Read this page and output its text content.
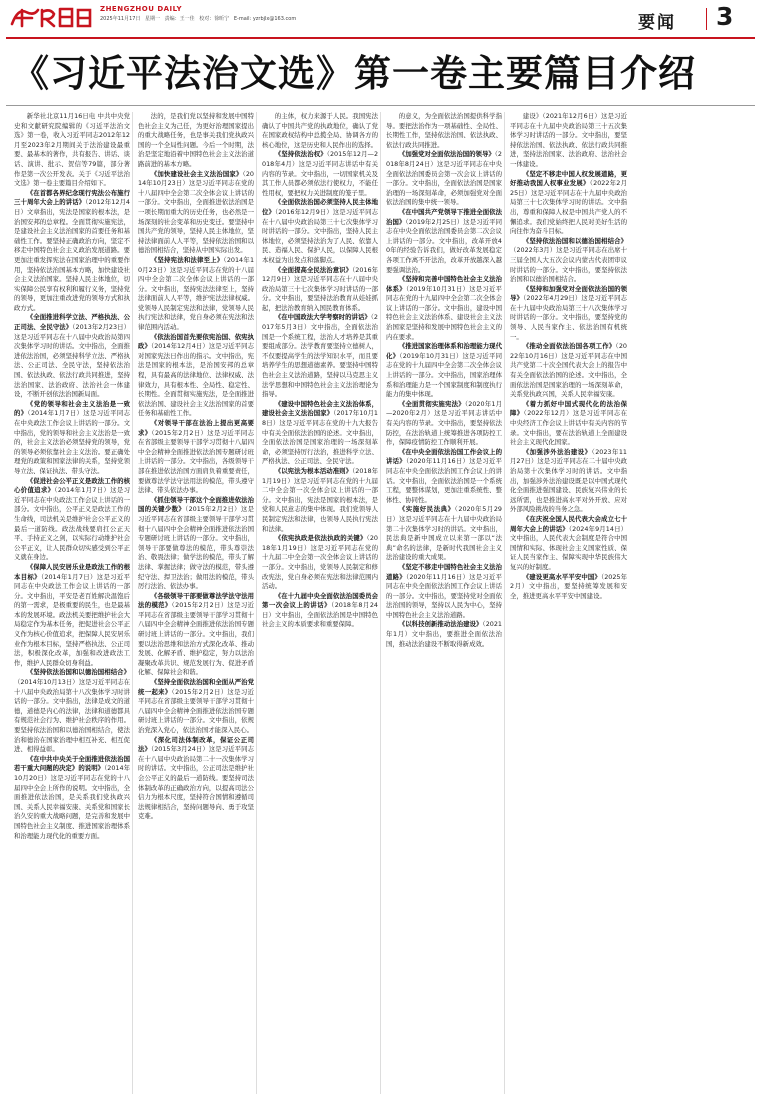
ZHENGZHOU DAILY
2025年11月17日 星期一 责编：王一佳 校对：徐昕宁 E-mail: yzrbjlx@163.com	要闻 3
《习近平法治文选》第一卷主要篇目介绍

新华社北京11月16日电 中共中央党史和文献研究院编辑的《习近平法治文选》第一卷，收入习近平同志2012年12月至2023年2月期间关于法治建设最重要、最基本的著作，共有报告、讲话、谈话、演讲、批示、贺信等79篇，部分著作是第一次公开发表。关于《习近平法治文选》第一卷主要篇目介绍如下。

《在首都各界纪念现行宪法公布施行三十周年大会上的讲话》（2012年12月4日）文章指出，宪法是国家的根本法，是治国安邦的总章程。全面贯彻实施宪法，是建设社会主义法治国家的首要任务和基础性工作。要坚持正确政治方向，坚定不移走中国特色社会主义政治发展道路。要更加注重发挥宪法在国家治理中的重要作用，坚持依法治国基本方略，加快建设社会主义法治国家。坚持人民主体地位，切实保障公民享有权利和履行义务，坚持党的领导，更加注重改进党的领导方式和执政方式。

《全面推进科学立法、严格执法、公正司法、全民守法》（2013年2月23日）这是习近平同志在十八届中央政治局第四次集体学习时的讲话。文中指出，全面推进依法治国，必须坚持科学立法、严格执法、公正司法、全民守法，坚持依法治国、依法执政、依法行政共同推进，坚持法治国家、法治政府、法治社会一体建设，不断开创依法治国新局面。

《党的领导和社会主义法治是一致的》（2014年1月7日）这是习近平同志在中央政法工作会议上讲话的一部分。文中指出，党的领导和社会主义法治是一致的，社会主义法治必须坚持党的领导，党的领导必须依靠社会主义法治。要正确处理党的政策和国家法律的关系，坚持党领导立法、保证执法、带头守法。

《促进社会公平正义是政法工作的核心价值追求》（2014年1月7日）这是习近平同志在中央政法工作会议上讲话的一部分。文中指出，公平正义是政法工作的生命线，司法机关是维护社会公平正义的最后一道防线。政法战线要肩扛公正天平、手持正义之剑，以实际行动维护社会公平正义，让人民群众切实感受到公平正义就在身边。

《保障人民安居乐业是政法工作的根本目标》（2014年1月7日）这是习近平同志在中央政法工作会议上讲话的一部分。文中指出，平安是老百姓解决温饱后的第一需求，是极重要的民生，也是最基本的发展环境。政法机关要把维护社会大局稳定作为基本任务，把促进社会公平正义作为核心价值追求，把保障人民安居乐业作为根本目标，坚持严格执法、公正司法，积极深化改革，加强和改进政法工作，维护人民群众切身利益。

《坚持依法治国和以德治国相结合》（2014年10月13日）这是习近平同志在十八届中央政治局第十八次集体学习时讲话的一部分。文中指出，法律是成文的道德，道德是内心的法律，法律和道德都具有规范社会行为、维护社会秩序的作用。要坚持依法治国和以德治国相结合，使法治和德治在国家治理中相互补充、相互促进、相得益彰。

《在中共中央关于全面推进依法治国若干重大问题的决定》的说明》（2014年10月20日）这是习近平同志在党的十八届四中全会上所作的说明。文中指出，全面推进依法治国，是关系我们党执政兴国、关系人民幸福安康、关系党和国家长治久安的重大战略问题，是完善和发展中国特色社会主义制度、推进国家治理体系和治理能力现代化的重要方面。

法的，是我们党以坚持和发展中国特色社会主义为己任，为更好治理国家提出的重大战略任务，也是事关我们党执政兴国的一个全局性问题。今后一个时期，法治是坚定地沿着中国特色社会主义法治道路前进的基本方略。

《加快建设社会主义法治国家》（2014年10月23日）这是习近平同志在党的十八届四中全会第二次全体会议上讲话的一部分。文中指出，全面推进依法治国是一项长期而重大的历史任务，也必然是一场深刻的社会变革和历史变迁。要坚持中国共产党的领导，坚持人民主体地位，坚持法律面前人人平等，坚持依法治国和以德治国相结合，坚持从中国实际出发。

《坚持宪法和法律至上》（2014年10月23日）这是习近平同志在党的十八届四中全会第二次全体会议上讲话的一部分。文中指出，坚持宪法法律至上，坚持法律面前人人平等，维护宪法法律权威。党领导人民制定宪法和法律，党领导人民执行宪法和法律，党自身必须在宪法和法律范围内活动。

《依法治国首先要依宪治国、依宪执政》（2014年12月4日）这是习近平同志对国家宪法日作出的指示。文中指出，宪法是国家的根本法，是治国安邦的总章程，具有最高的法律地位、法律权威、法律效力，具有根本性、全局性、稳定性、长期性。全面贯彻实施宪法，是全面推进依法治国、建设社会主义法治国家的首要任务和基础性工作。

《对领导干部在法治上提出更高要求》（2015年2月2日）这是习近平同志在省部级主要领导干部学习贯彻十八届四中全会精神全面推进依法治国专题研讨班上讲话的一部分。文中指出，各级领导干部在推进依法治国方面肩负着重要责任，要做尊法学法守法用法的模范，带头遵守法律、带头依法办事。

《抓住领导干部这个全面推进依法治国的关键少数》（2015年2月2日）这是习近平同志在省部级主要领导干部学习贯彻十八届四中全会精神全面推进依法治国专题研讨班上讲话的一部分。文中指出，领导干部要做尊法的模范，带头尊崇法治、敬畏法律；做学法的模范，带头了解法律、掌握法律；做守法的模范，带头遵纪守法、捍卫法治；做用法的模范，带头厉行法治、依法办事。

《各级领导干部要做尊法学法守法用法的模范》（2015年2月2日）这是习近平同志在省部级主要领导干部学习贯彻十八届四中全会精神全面推进依法治国专题研讨班上讲话的一部分。文中指出，我们要以法治思维和法治方式深化改革、推动发展、化解矛盾、维护稳定，努力以法治凝聚改革共识、规范发展行为、促进矛盾化解、保障社会和谐。

《坚持全面依法治国和全面从严治党统一起来》（2015年2月2日）这是习近平同志在省部级主要领导干部学习贯彻十八届四中全会精神全面推进依法治国专题研讨班上讲话的一部分。文中指出，依规治党深入党心，依法治国才能深入民心。

《深化司法体制改革，保证公正司法》（2015年3月24日）这是习近平同志在十八届中央政治局第二十一次集体学习时的讲话。文中指出，公正司法是维护社会公平正义的最后一道防线。要坚持司法体制改革的正确政治方向，以提高司法公信力为根本尺度，坚持符合国情和遵循司法规律相结合，坚持问题导向、勇于攻坚克难。

的主体，权力来源于人民。我国宪法确认了中国共产党的执政地位，确认了党在国家政权结构中总揽全局、协调各方的核心地位，这是历史和人民作出的选择。

《坚持依法治权》（2015年12月—2018年4月）这是习近平同志讲话中有关内容的节录。文中指出，一切国家机关及其工作人员都必须依法行使权力，不能任性用权，要把权力关进制度的笼子里。

《全面依法治国必须坚持人民主体地位》（2016年12月9日）这是习近平同志在十八届中央政治局第三十七次集体学习时讲话的一部分。文中指出，坚持人民主体地位，必须坚持法治为了人民、依靠人民、造福人民、保护人民，以保障人民根本权益为出发点和落脚点。

《全面提高全民法治意识》（2016年12月9日）这是习近平同志在十八届中央政治局第三十七次集体学习时讲话的一部分。文中指出，要坚持法治教育从娃娃抓起，把法治教育纳入国民教育体系。

《在中国政法大学考察时的讲话》（2017年5月3日）文中指出，全面依法治国是一个系统工程，法治人才培养是其重要组成部分。法学教育要坚持立德树人，不仅要提高学生的法学知识水平，而且要培养学生的思想道德素养。要坚持中国特色社会主义法治道路，坚持以马克思主义法学思想和中国特色社会主义法治理论为指导。

《建设中国特色社会主义法治体系，建设社会主义法治国家》（2017年10月18日）这是习近平同志在党的十九大报告中有关全面依法治国的论述。文中指出，全面依法治国是国家治理的一场深刻革命，必须坚持厉行法治，推进科学立法、严格执法、公正司法、全民守法。

《以宪法为根本活动准则》（2018年1月19日）这是习近平同志在党的十九届二中全会第一次全体会议上讲话的一部分。文中指出，宪法是国家的根本法，是党和人民意志的集中体现。我们党领导人民制定宪法和法律，也领导人民执行宪法和法律。

《依宪执政是依法执政的关键》（2018年1月19日）这是习近平同志在党的十九届二中全会第一次全体会议上讲话的一部分。文中指出，党领导人民制定和修改宪法，党自身必须在宪法和法律范围内活动。

《在十九届中央全面依法治国委员会第一次会议上的讲话》（2018年8月24日）文中指出，全面依法治国是中国特色社会主义的本质要求和重要保障。

的意义，为全面依法治国提供科学指导。要把法治作为一项基础性、全局性、长期性工作，坚持依法治国、依法执政、依法行政共同推进。

《加强党对全面依法治国的领导》（2018年8月24日）这是习近平同志在中央全面依法治国委员会第一次会议上讲话的一部分。文中指出，全面依法治国是国家治理的一场深刻革命，必须加强党对全面依法治国的集中统一领导。

《在中国共产党领导下推进全面依法治国》（2019年2月25日）这是习近平同志在中央全面依法治国委员会第二次会议上讲话的一部分。文中指出，改革开放40年的经验告诉我们，做好改革发展稳定各项工作离不开法治，改革开放越深入越要强调法治。

《坚持和完善中国特色社会主义法治体系》（2019年10月31日）这是习近平同志在党的十九届四中全会第二次全体会议上讲话的一部分。文中指出，建设中国特色社会主义法治体系、建设社会主义法治国家是坚持和发展中国特色社会主义的内在要求。

《推进国家治理体系和治理能力现代化》（2019年10月31日）这是习近平同志在党的十九届四中全会第二次全体会议上讲话的一部分。文中指出，国家治理体系和治理能力是一个国家制度和制度执行能力的集中体现。

《全面贯彻实施宪法》（2020年1月—2020年2月）这是习近平同志讲话中有关内容的节录。文中指出，要坚持依法防控，在法治轨道上统筹推进各项防控工作，保障疫情防控工作顺利开展。

《在中央全面依法治国工作会议上的讲话》（2020年11月16日）这是习近平同志在中央全面依法治国工作会议上的讲话。文中指出，全面依法治国是一个系统工程，要整体谋划，更加注重系统性、整体性、协同性。

《实施好民法典》（2020年5月29日）这是习近平同志在十九届中央政治局第二十次集体学习时的讲话。文中指出，民法典是新中国成立以来第一部以“法典”命名的法律，是新时代我国社会主义法治建设的重大成果。

《坚定不移走中国特色社会主义法治道路》（2020年11月16日）这是习近平同志在中央全面依法治国工作会议上讲话的一部分。文中指出，要坚持党对全面依法治国的领导，坚持以人民为中心，坚持中国特色社会主义法治道路。

《以科技创新推动法治建设》（2021年1月）文中指出，要推进全面依法治国，推动法治建设不断取得新成效。

建设》（2021年12月6日）这是习近平同志在十九届中央政治局第三十五次集体学习时讲话的一部分。文中指出，要坚持依法治国、依法执政、依法行政共同推进，坚持法治国家、法治政府、法治社会一体建设。

《坚定不移走中国人权发展道路，更好推动我国人权事业发展》（2022年2月25日）这是习近平同志在十九届中央政治局第三十七次集体学习时的讲话。文中指出，尊重和保障人权是中国共产党人的不懈追求。我们党始终把人民对美好生活的向往作为奋斗目标。

《坚持依法治国和以德治国相结合》（2022年3月）这是习近平同志在出席十三届全国人大五次会议内蒙古代表团审议时讲话的一部分。文中指出，要坚持依法治国和以德治国相结合。

《坚持和加强党对全面依法治国的领导》（2022年4月29日）这是习近平同志在十九届中央政治局第三十八次集体学习时讲话的一部分。文中指出，要坚持党的领导、人民当家作主、依法治国有机统一。

《推动全面依法治国各项工作》（2022年10月16日）这是习近平同志在中国共产党第二十次全国代表大会上的报告中有关全面依法治国的论述。文中指出，全面依法治国是国家治理的一场深刻革命，关系党执政兴国，关系人民幸福安康。

《着力抓好中国式现代化的法治保障》（2022年12月）这是习近平同志在中央经济工作会议上讲话中有关内容的节录。文中指出，要在法治轨道上全面建设社会主义现代化国家。

《加强涉外法治建设》（2023年11月27日）这是习近平同志在二十届中央政治局第十次集体学习时的讲话。文中指出，加强涉外法治建设既是以中国式现代化全面推进强国建设、民族复兴伟业的长远所需，也是推进高水平对外开放、应对外部风险挑战的当务之急。

《在庆祝全国人民代表大会成立七十周年大会上的讲话》（2024年9月14日）文中指出，人民代表大会制度是符合中国国情和实际、体现社会主义国家性质、保证人民当家作主、保障实现中华民族伟大复兴的好制度。

《建设更高水平平安中国》（2025年2月）文中指出，要坚持统筹发展和安全，推进更高水平平安中国建设。
